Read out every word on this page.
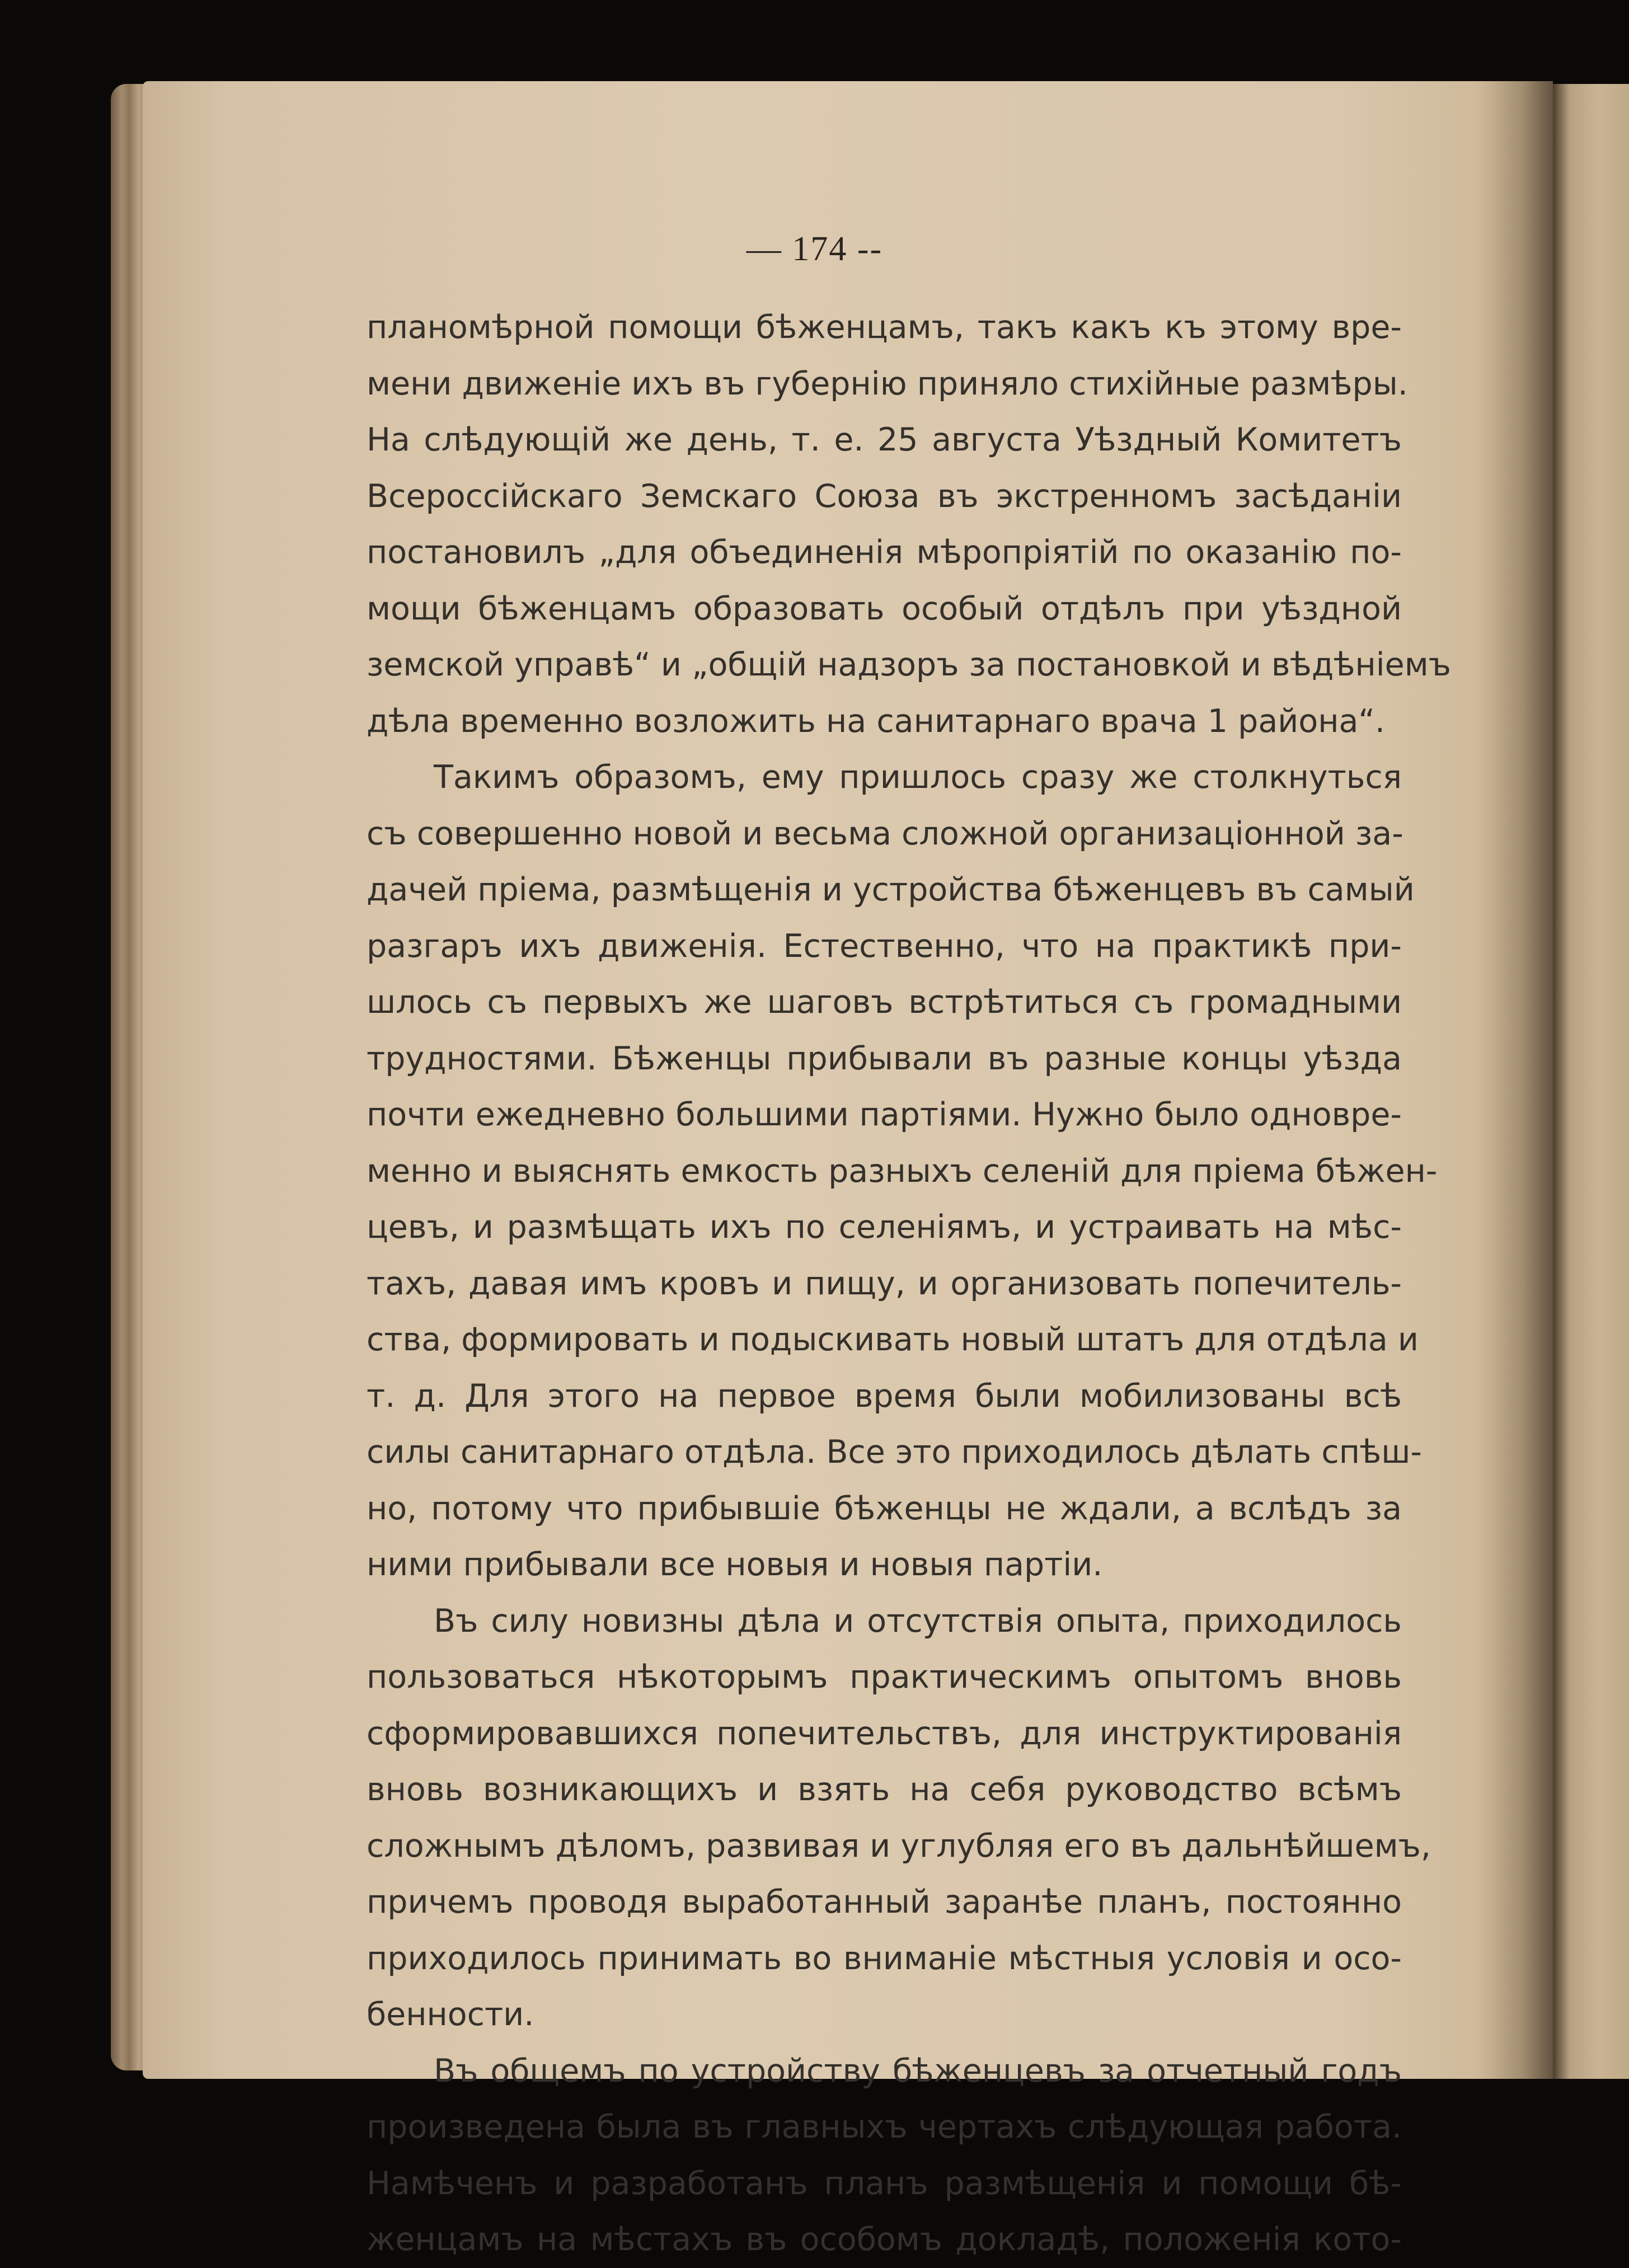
— 174 --
планомѣрной помощи бѣженцамъ, такъ какъ къ этому вре-
мени движеніе ихъ въ губернію приняло стихійные размѣры.
На слѣдующій же день, т. е. 25 августа Уѣздный Комитетъ
Всероссійскаго Земскаго Союза въ экстренномъ засѣданіи
постановилъ „для объединенія мѣропріятій по оказанію по-
мощи бѣженцамъ образовать особый отдѣлъ при уѣздной
земской управѣ“ и „общій надзоръ за постановкой и вѣдѣніемъ
дѣла временно возложить на санитарнаго врача 1 района“.
Такимъ образомъ, ему пришлось сразу же столкнуться
съ совершенно новой и весьма сложной организаціонной за-
дачей пріема, размѣщенія и устройства бѣженцевъ въ самый
разгаръ ихъ движенія. Естественно, что на практикѣ при-
шлось съ первыхъ же шаговъ встрѣтиться съ громадными
трудностями. Бѣженцы прибывали въ разные концы уѣзда
почти ежедневно большими партіями. Нужно было одновре-
менно и выяснять емкость разныхъ селеній для пріема бѣжен-
цевъ, и размѣщать ихъ по селеніямъ, и устраивать на мѣс-
тахъ, давая имъ кровъ и пищу, и организовать попечитель-
ства, формировать и подыскивать новый штатъ для отдѣла и
т. д. Для этого на первое время были мобилизованы всѣ
силы санитарнаго отдѣла. Все это приходилось дѣлать спѣш-
но, потому что прибывшіе бѣженцы не ждали, а вслѣдъ за
ними прибывали все новыя и новыя партіи.
Въ силу новизны дѣла и отсутствія опыта, приходилось
пользоваться нѣкоторымъ практическимъ опытомъ вновь
сформировавшихся попечительствъ, для инструктированія
вновь возникающихъ и взять на себя руководство всѣмъ
сложнымъ дѣломъ, развивая и углубляя его въ дальнѣйшемъ,
причемъ проводя выработанный заранѣе планъ, постоянно
приходилось принимать во вниманіе мѣстныя условія и осо-
бенности.
Въ общемъ по устройству бѣженцевъ за отчетный годъ
произведена была въ главныхъ чертахъ слѣдующая работа.
Намѣченъ и разработанъ планъ размѣщенія и помощи бѣ-
женцамъ на мѣстахъ въ особомъ докладѣ, положенія кото-
